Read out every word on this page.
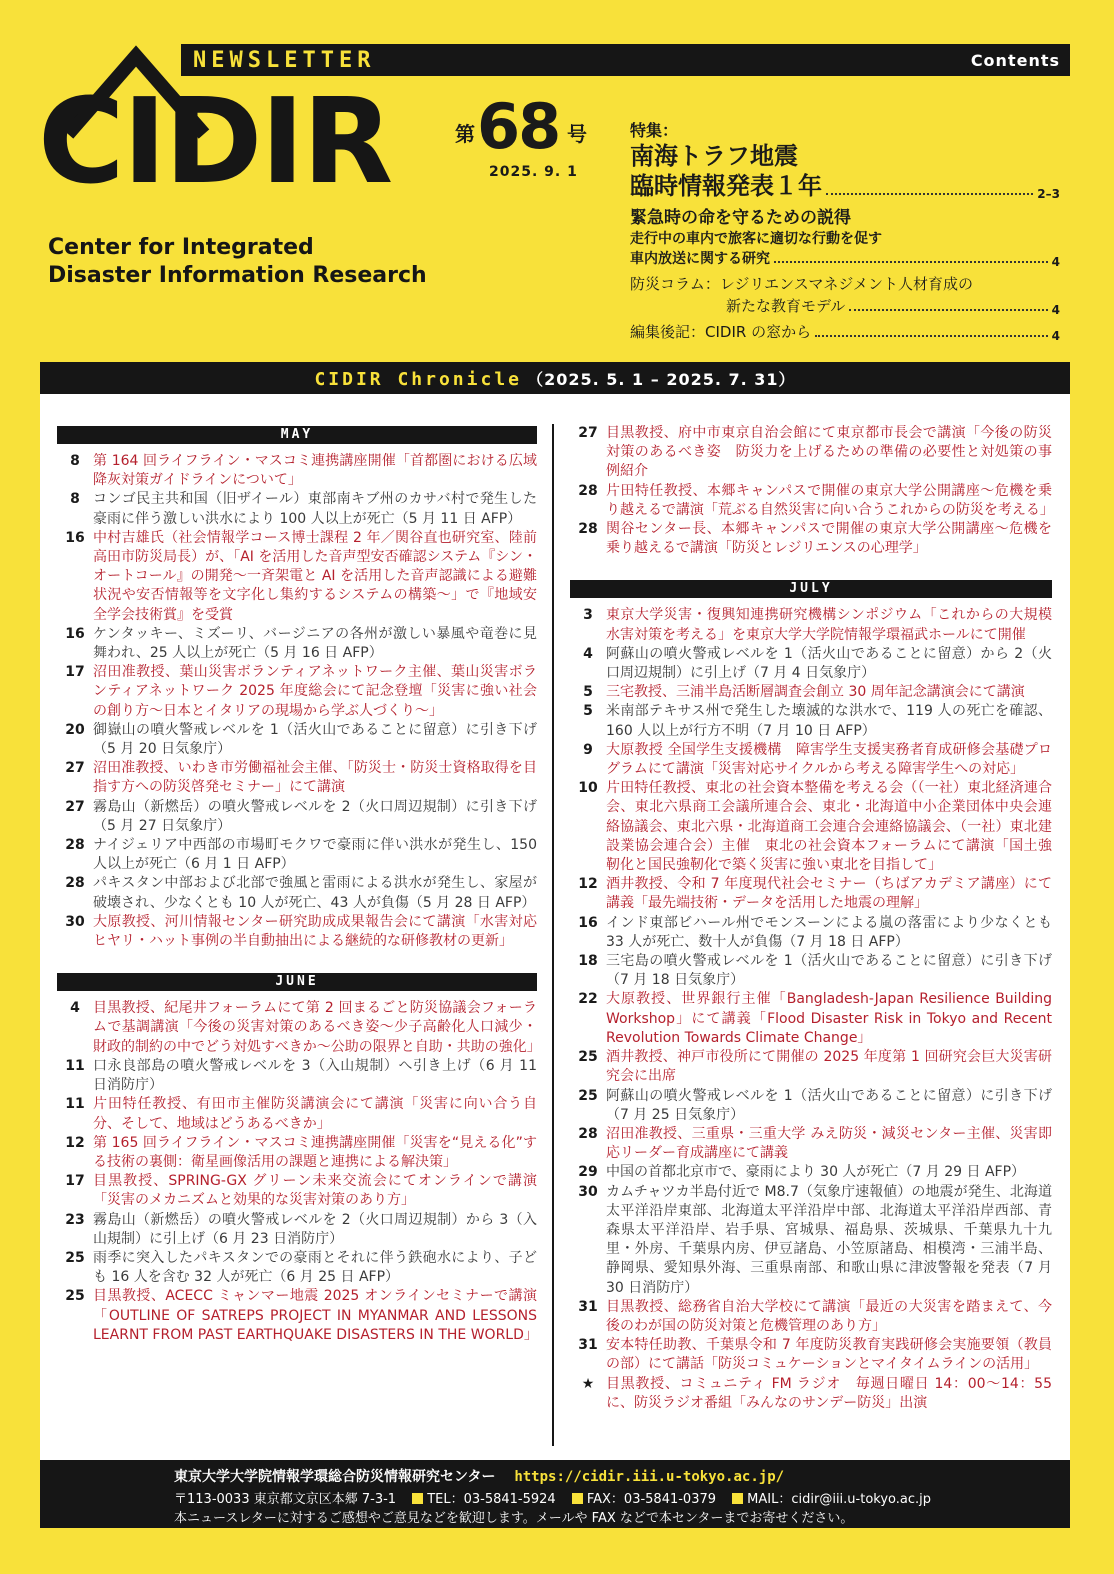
NEWSLETTER	Contents
CIDIR
Center for Integrated
Disaster Information Research
第 68 号
2025. 9. 1
特集：
南海トラフ地震
臨時情報発表１年	2–3
緊急時の命を守るための説得
走行中の車内で旅客に適切な行動を促す
車内放送に関する研究	4
防災コラム：レジリエンスマネジメント人材育成の
新たな教育モデル	4
編集後記：CIDIR の窓から	4
CIDIR Chronicle （2025. 5. 1 – 2025. 7. 31）
MAY
8 第 164 回ライフライン・マスコミ連携講座開催「首都圏における広域降灰対策ガイドラインについて」
8 コンゴ民主共和国（旧ザイール）東部南キブ州のカサバ村で発生した豪雨に伴う激しい洪水により 100 人以上が死亡（5 月 11 日 AFP）
16 中村吉雄氏（社会情報学コース博士課程 2 年／関谷直也研究室、陸前高田市防災局長）が、「AI を活用した音声型安否確認システム『シン・オートコール』の開発～一斉架電と AI を活用した音声認識による避難状況や安否情報等を文字化し集約するシステムの構築～」で『地域安全学会技術賞』を受賞
16 ケンタッキー、ミズーリ、バージニアの各州が激しい暴風や竜巻に見舞われ、25 人以上が死亡（5 月 16 日 AFP）
17 沼田准教授、葉山災害ボランティアネットワーク主催、葉山災害ボランティアネットワーク 2025 年度総会にて記念登壇「災害に強い社会の創り方～日本とイタリアの現場から学ぶ人づくり～」
20 御嶽山の噴火警戒レベルを 1（活火山であることに留意）に引き下げ（5 月 20 日気象庁）
27 沼田准教授、いわき市労働福祉会主催、「防災士・防災士資格取得を目指す方への防災啓発セミナー」にて講演
27 霧島山（新燃岳）の噴火警戒レベルを 2（火口周辺規制）に引き下げ（5 月 27 日気象庁）
28 ナイジェリア中西部の市場町モクワで豪雨に伴い洪水が発生し、150 人以上が死亡（6 月 1 日 AFP）
28 パキスタン中部および北部で強風と雷雨による洪水が発生し、家屋が破壊され、少なくとも 10 人が死亡、43 人が負傷（5 月 28 日 AFP）
30 大原教授、河川情報センター研究助成成果報告会にて講演「水害対応ヒヤリ・ハット事例の半自動抽出による継続的な研修教材の更新」
JUNE
4 目黒教授、紀尾井フォーラムにて第 2 回まるごと防災協議会フォーラムで基調講演「今後の災害対策のあるべき姿～少子高齢化人口減少・財政的制約の中でどう対処すべきか～公助の限界と自助・共助の強化」
11 口永良部島の噴火警戒レベルを 3（入山規制）へ引き上げ（6 月 11 日消防庁）
11 片田特任教授、有田市主催防災講演会にて講演「災害に向い合う自分、そして、地域はどうあるべきか」
12 第 165 回ライフライン・マスコミ連携講座開催「災害を“見える化”する技術の裏側：衛星画像活用の課題と連携による解決策」
17 目黒教授、SPRING-GX グリーン未来交流会にてオンラインで講演「災害のメカニズムと効果的な災害対策のあり方」
23 霧島山（新燃岳）の噴火警戒レベルを 2（火口周辺規制）から 3（入山規制）に引上げ（6 月 23 日消防庁）
25 雨季に突入したパキスタンでの豪雨とそれに伴う鉄砲水により、子ども 16 人を含む 32 人が死亡（6 月 25 日 AFP）
25 目黒教授、ACECC ミャンマー地震 2025 オンラインセミナーで講演「OUTLINE OF SATREPS PROJECT IN MYANMAR AND LESSONS LEARNT FROM PAST EARTHQUAKE DISASTERS IN THE WORLD」
27 目黒教授、府中市東京自治会館にて東京都市長会で講演「今後の防災対策のあるべき姿　防災力を上げるための準備の必要性と対処策の事例紹介
28 片田特任教授、本郷キャンパスで開催の東京大学公開講座～危機を乗り越えるで講演「荒ぶる自然災害に向い合うこれからの防災を考える」
28 関谷センター長、本郷キャンパスで開催の東京大学公開講座～危機を乗り越えるで講演「防災とレジリエンスの心理学」
JULY
3 東京大学災害・復興知連携研究機構シンポジウム「これからの大規模水害対策を考える」を東京大学大学院情報学環福武ホールにて開催
4 阿蘇山の噴火警戒レベルを 1（活火山であることに留意）から 2（火口周辺規制）に引上げ（7 月 4 日気象庁）
5 三宅教授、三浦半島活断層調査会創立 30 周年記念講演会にて講演
5 米南部テキサス州で発生した壊滅的な洪水で、119 人の死亡を確認、160 人以上が行方不明（7 月 10 日 AFP）
9 大原教授 全国学生支援機構　障害学生支援実務者育成研修会基礎プログラムにて講演「災害対応サイクルから考える障害学生への対応」
10 片田特任教授、東北の社会資本整備を考える会（（一社）東北経済連合会、東北六県商工会議所連合会、東北・北海道中小企業団体中央会連絡協議会、東北六県・北海道商工会連合会連絡協議会、（一社）東北建設業協会連合会）主催　東北の社会資本フォーラムにて講演「国土強靭化と国民強靭化で築く災害に強い東北を目指して」
12 酒井教授、令和 7 年度現代社会セミナー（ちばアカデミア講座）にて講義「最先端技術・データを活用した地震の理解」
16 インド東部ビハール州でモンスーンによる嵐の落雷により少なくとも 33 人が死亡、数十人が負傷（7 月 18 日 AFP）
18 三宅島の噴火警戒レベルを 1（活火山であることに留意）に引き下げ（7 月 18 日気象庁）
22 大原教授、世界銀行主催「Bangladesh-Japan Resilience Building Workshop」にて講義「Flood Disaster Risk in Tokyo and Recent Revolution Towards Climate Change」
25 酒井教授、神戸市役所にて開催の 2025 年度第 1 回研究会巨大災害研究会に出席
25 阿蘇山の噴火警戒レベルを 1（活火山であることに留意）に引き下げ（7 月 25 日気象庁）
28 沼田准教授、三重県・三重大学 みえ防災・減災センター主催、災害即応リーダー育成講座にて講義
29 中国の首都北京市で、豪雨により 30 人が死亡（7 月 29 日 AFP）
30 カムチャツカ半島付近で M8.7（気象庁速報値）の地震が発生、北海道太平洋沿岸東部、北海道太平洋沿岸中部、北海道太平洋沿岸西部、青森県太平洋沿岸、岩手県、宮城県、福島県、茨城県、千葉県九十九里・外房、千葉県内房、伊豆諸島、小笠原諸島、相模湾・三浦半島、静岡県、愛知県外海、三重県南部、和歌山県に津波警報を発表（7 月 30 日消防庁）
31 目黒教授、総務省自治大学校にて講演「最近の大災害を踏まえて、今後のわが国の防災対策と危機管理のあり方」
31 安本特任助教、千葉県令和 7 年度防災教育実践研修会実施要領（教員の部）にて講話「防災コミュケーションとマイタイムラインの活用」
★ 目黒教授、コミュニティ FM ラジオ　毎週日曜日 14：00～14：55 に、防災ラジオ番組「みんなのサンデー防災」出演
東京大学大学院情報学環総合防災情報研究センター https://cidir.iii.u-tokyo.ac.jp/
〒113-0033 東京都文京区本郷 7-3-1 TEL：03-5841-5924 FAX：03-5841-0379 MAIL：cidir@iii.u-tokyo.ac.jp
本ニュースレターに対するご感想やご意見などを歓迎します。メールや FAX などで本センターまでお寄せください。
